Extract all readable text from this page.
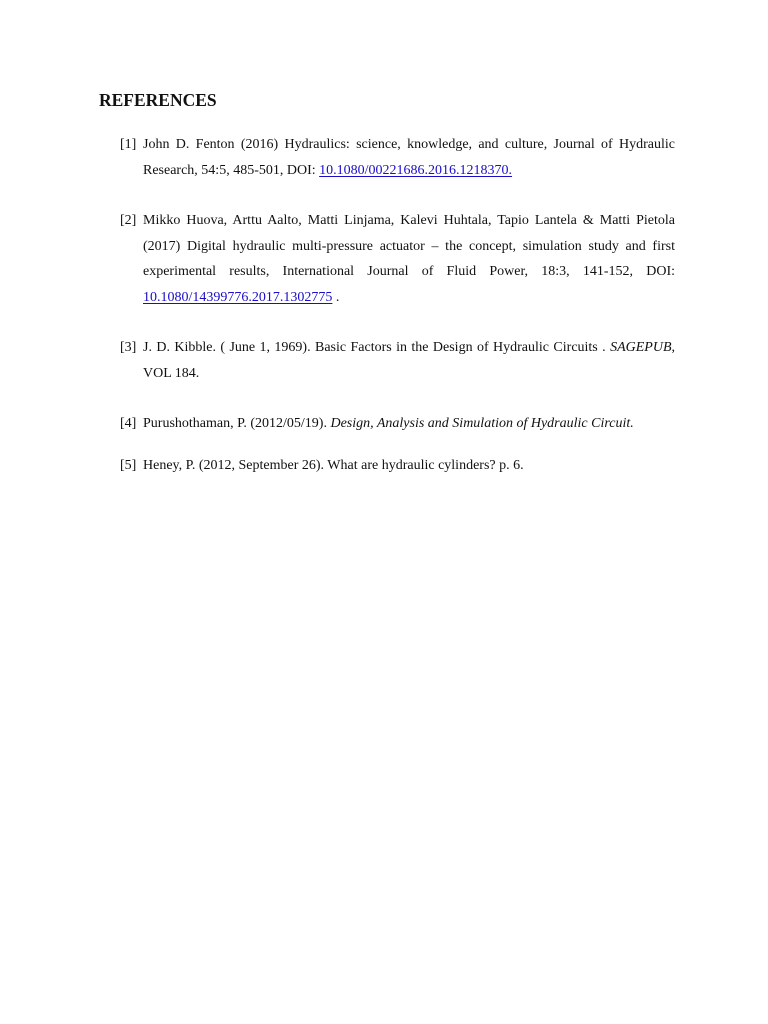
REFERENCES
[1] John D. Fenton (2016) Hydraulics: science, knowledge, and culture, Journal of Hydraulic Research, 54:5, 485-501, DOI: 10.1080/00221686.2016.1218370.
[2] Mikko Huova, Arttu Aalto, Matti Linjama, Kalevi Huhtala, Tapio Lantela & Matti Pietola (2017) Digital hydraulic multi-pressure actuator – the concept, simulation study and first experimental results, International Journal of Fluid Power, 18:3, 141-152, DOI: 10.1080/14399776.2017.1302775 .
[3] J. D. Kibble. ( June 1, 1969). Basic Factors in the Design of Hydraulic Circuits . SAGEPUB, VOL 184.
[4] Purushothaman, P. (2012/05/19). Design, Analysis and Simulation of Hydraulic Circuit.
[5] Heney, P. (2012, September 26). What are hydraulic cylinders? p. 6.
